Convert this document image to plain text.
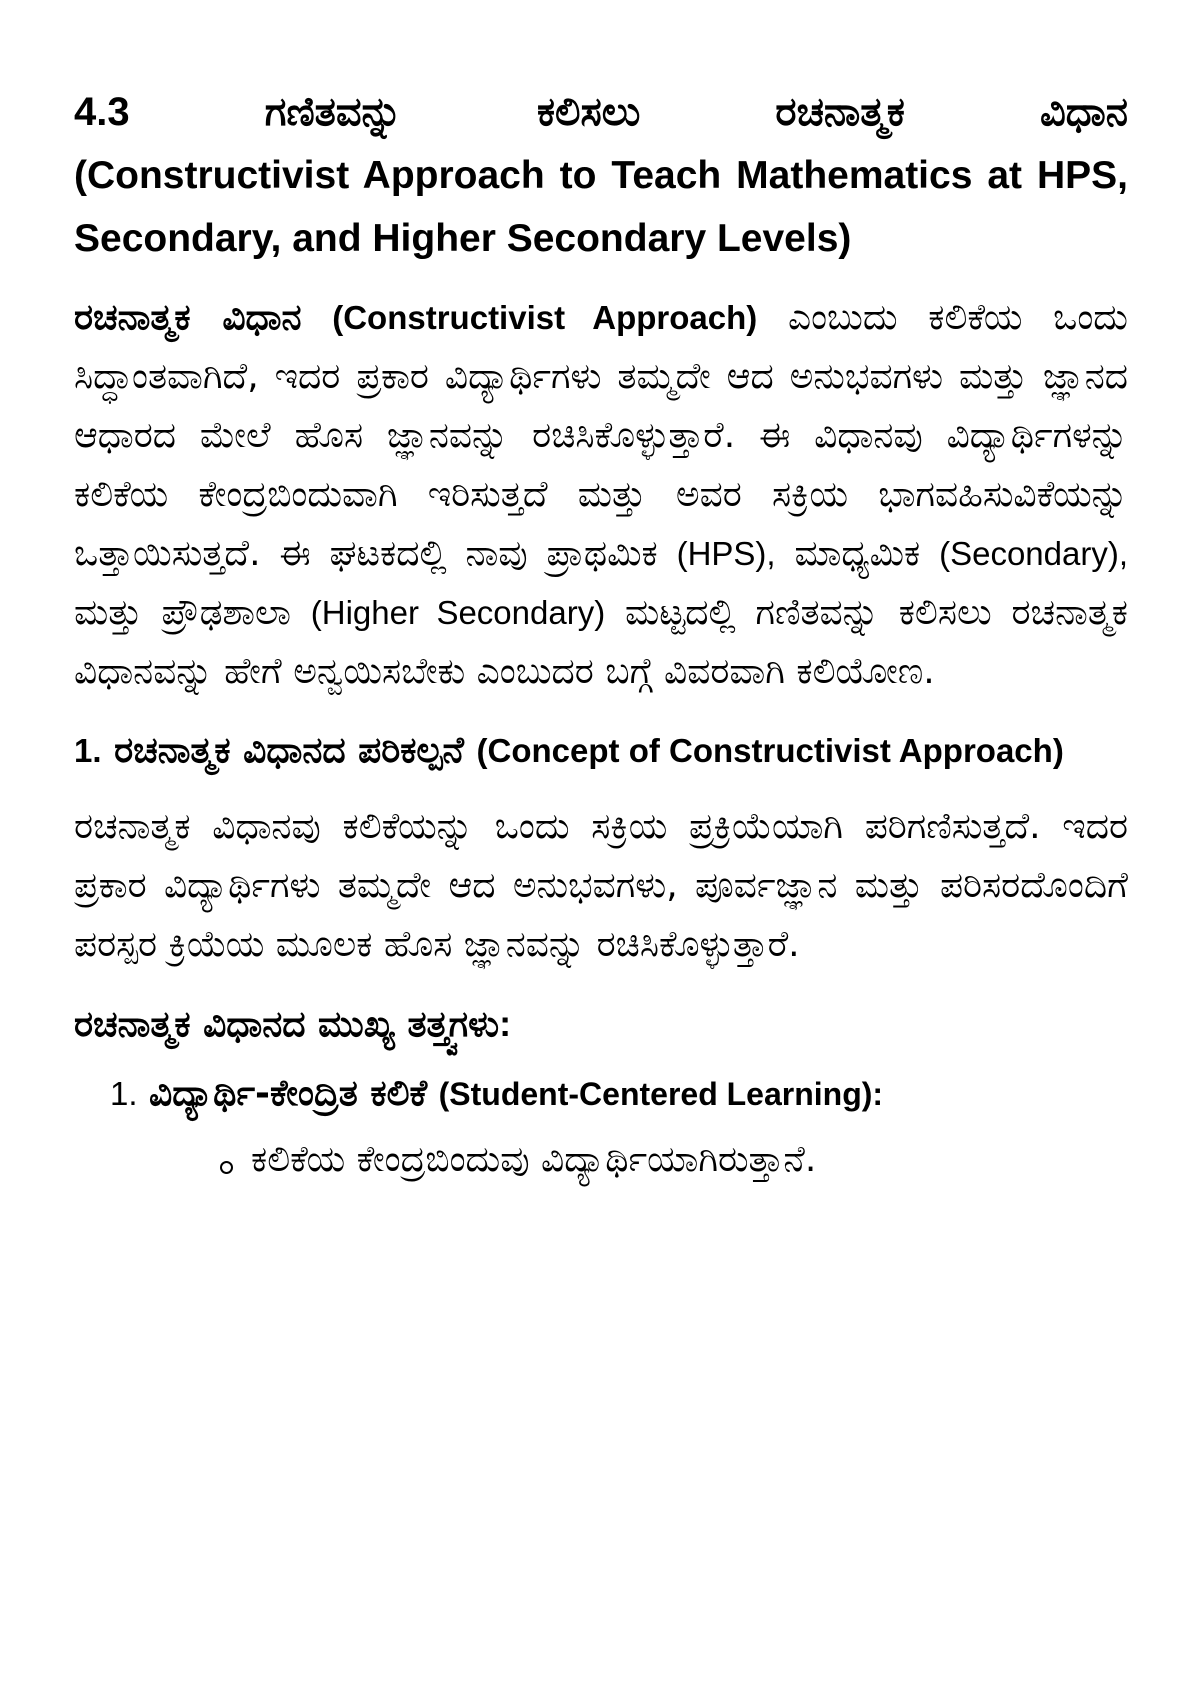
4.3	ಗಣಿತವನ್ನು ಕಲಿಸಲು ರಚನಾತ್ಮಕ ವಿಧಾನ
(Constructivist Approach to Teach Mathematics at HPS, Secondary, and Higher Secondary Levels)

ರಚನಾತ್ಮಕ ವಿಧಾನ (Constructivist Approach) ಎಂಬುದು ಕಲಿಕೆಯ ಒಂದು ಸಿದ್ಧಾಂತವಾಗಿದೆ, ಇದರ ಪ್ರಕಾರ ವಿದ್ಯಾರ್ಥಿಗಳು ತಮ್ಮದೇ ಆದ ಅನುಭವಗಳು ಮತ್ತು ಜ್ಞಾನದ ಆಧಾರದ ಮೇಲೆ ಹೊಸ ಜ್ಞಾನವನ್ನು ರಚಿಸಿಕೊಳ್ಳುತ್ತಾರೆ. ಈ ವಿಧಾನವು ವಿದ್ಯಾರ್ಥಿಗಳನ್ನು ಕಲಿಕೆಯ ಕೇಂದ್ರಬಿಂದುವಾಗಿ ಇರಿಸುತ್ತದೆ ಮತ್ತು ಅವರ ಸಕ್ರಿಯ ಭಾಗವಹಿಸುವಿಕೆಯನ್ನು ಒತ್ತಾಯಿಸುತ್ತದೆ. ಈ ಘಟಕದಲ್ಲಿ ನಾವು ಪ್ರಾಥಮಿಕ (HPS), ಮಾಧ್ಯಮಿಕ (Secondary), ಮತ್ತು ಪ್ರೌಢಶಾಲಾ (Higher Secondary) ಮಟ್ಟದಲ್ಲಿ ಗಣಿತವನ್ನು ಕಲಿಸಲು ರಚನಾತ್ಮಕ ವಿಧಾನವನ್ನು ಹೇಗೆ ಅನ್ವಯಿಸಬೇಕು ಎಂಬುದರ ಬಗ್ಗೆ ವಿವರವಾಗಿ ಕಲಿಯೋಣ.

1. ರಚನಾತ್ಮಕ ವಿಧಾನದ ಪರಿಕಲ್ಪನೆ (Concept of Constructivist Approach)

ರಚನಾತ್ಮಕ ವಿಧಾನವು ಕಲಿಕೆಯನ್ನು ಒಂದು ಸಕ್ರಿಯ ಪ್ರಕ್ರಿಯೆಯಾಗಿ ಪರಿಗಣಿಸುತ್ತದೆ. ಇದರ ಪ್ರಕಾರ ವಿದ್ಯಾರ್ಥಿಗಳು ತಮ್ಮದೇ ಆದ ಅನುಭವಗಳು, ಪೂರ್ವಜ್ಞಾನ ಮತ್ತು ಪರಿಸರದೊಂದಿಗೆ ಪರಸ್ಪರ ಕ್ರಿಯೆಯ ಮೂಲಕ ಹೊಸ ಜ್ಞಾನವನ್ನು ರಚಿಸಿಕೊಳ್ಳುತ್ತಾರೆ.

ರಚನಾತ್ಮಕ ವಿಧಾನದ ಮುಖ್ಯ ತತ್ತ್ವಗಳು:
1. ವಿದ್ಯಾರ್ಥಿ-ಕೇಂದ್ರಿತ ಕಲಿಕೆ (Student-Centered Learning):
ಕಲಿಕೆಯ ಕೇಂದ್ರಬಿಂದುವು ವಿದ್ಯಾರ್ಥಿಯಾಗಿರುತ್ತಾನೆ.
